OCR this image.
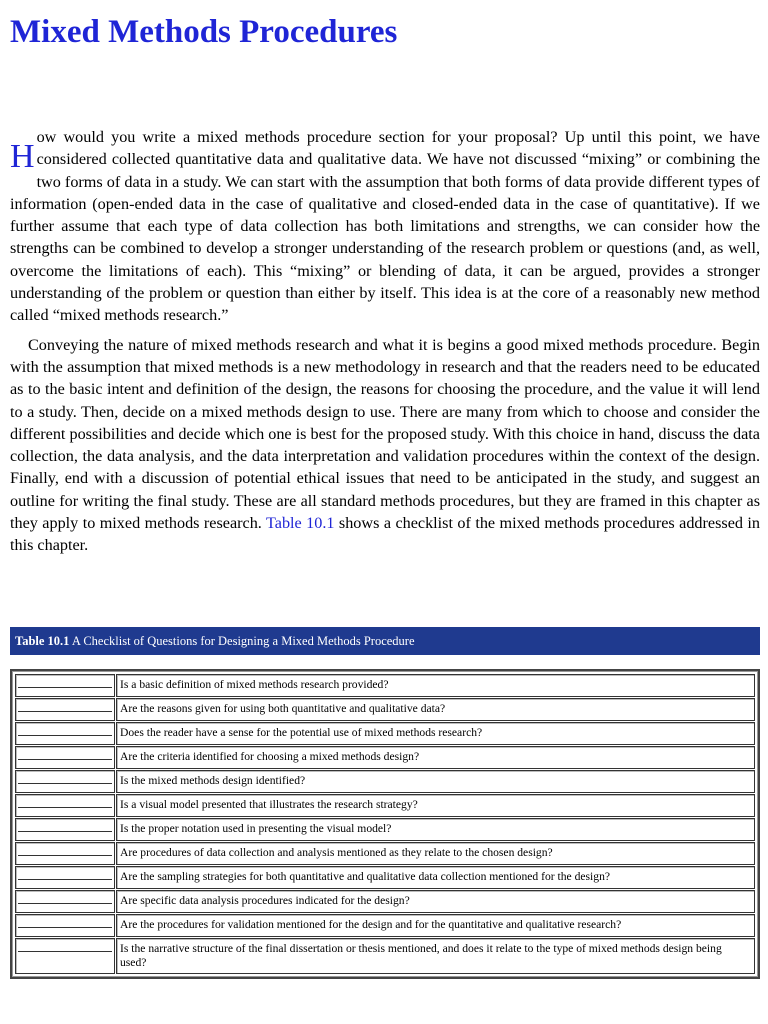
Mixed Methods Procedures

H
ow would you write a mixed methods procedure section for your proposal? Up until this point, we have considered collected quantitative data and qualitative data. We have not discussed “mixing” or combining the two forms of data in a study. We can start with the assumption that both forms of data provide different types of information (open-ended data in the case of qualitative and closed-ended data in the case of quantitative). If we further assume that each type of data collection has both limitations and strengths, we can consider how the strengths can be combined to develop a stronger understanding of the research problem or questions (and, as well, overcome the limitations of each). This “mixing” or blending of data, it can be argued, provides a stronger understanding of the problem or question than either by itself. This idea is at the core of a reasonably new method called “mixed methods research.”

Conveying the nature of mixed methods research and what it is begins a good mixed methods procedure. Begin with the assumption that mixed methods is a new methodology in research and that the readers need to be educated as to the basic intent and definition of the design, the reasons for choosing the procedure, and the value it will lend to a study. Then, decide on a mixed methods design to use. There are many from which to choose and consider the different possibilities and decide which one is best for the proposed study. With this choice in hand, discuss the data collection, the data analysis, and the data interpretation and validation procedures within the context of the design. Finally, end with a discussion of potential ethical issues that need to be anticipated in the study, and suggest an outline for writing the final study. These are all standard methods procedures, but they are framed in this chapter as they apply to mixed methods research. Table 10.1 shows a checklist of the mixed methods procedures addressed in this chapter.

Table 10.1 A Checklist of Questions for Designing a Mixed Methods Procedure
	Is a basic definition of mixed methods research provided?

	Are the reasons given for using both quantitative and qualitative data?

	Does the reader have a sense for the potential use of mixed methods research?

	Are the criteria identified for choosing a mixed methods design?

	Is the mixed methods design identified?

	Is a visual model presented that illustrates the research strategy?

	Is the proper notation used in presenting the visual model?

	Are procedures of data collection and analysis mentioned as they relate to the chosen design?

	Are the sampling strategies for both quantitative and qualitative data collection mentioned for the design?

	Are specific data analysis procedures indicated for the design?

	Are the procedures for validation mentioned for the design and for the quantitative and qualitative research?

	Is the narrative structure of the final dissertation or thesis mentioned, and does it relate to the type of mixed methods design being used?
